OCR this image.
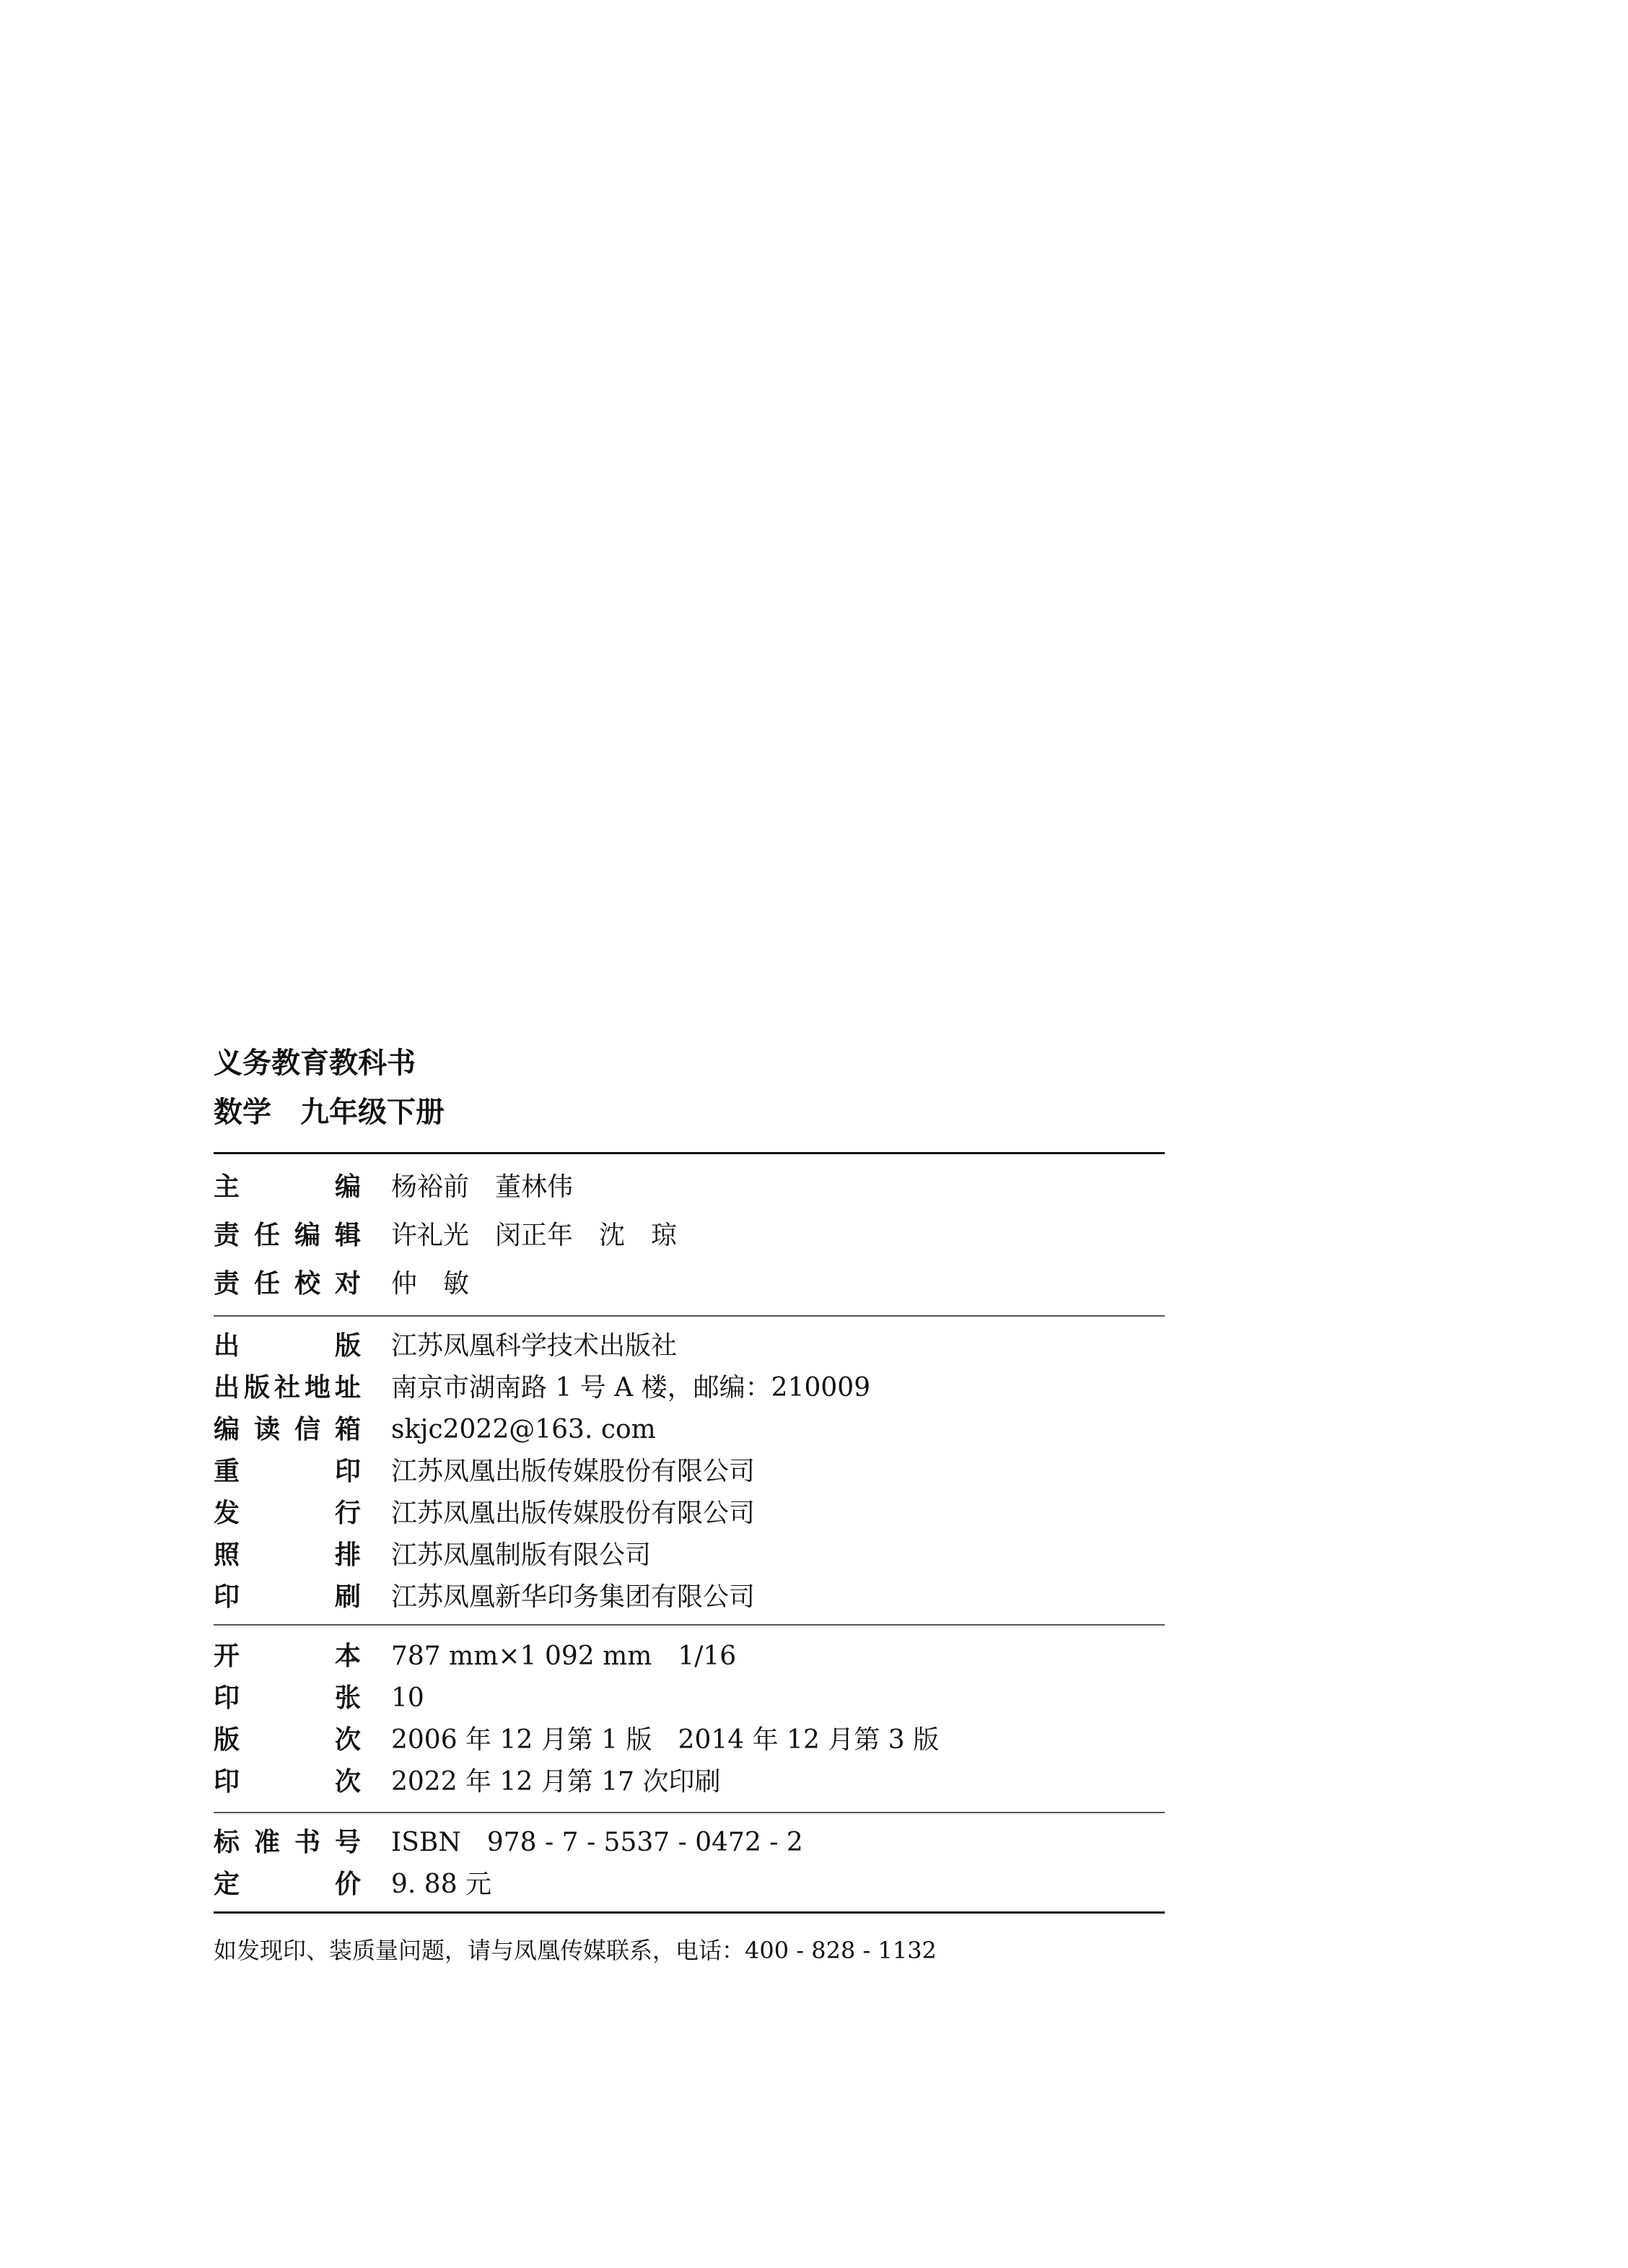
义务教育教科书
数学　九年级下册
主	编 杨裕前　董林伟
责 任 编 辑 许礼光　闵正年　沈　琼
责 任 校 对 仲　敏
出	版 江苏凤凰科学技术出版社
出 版 社 地 址 南京市湖南路 1 号 A 楼，邮编：210009
编 读 信 箱 skjc2022@163. com
重	印 江苏凤凰出版传媒股份有限公司
发	行 江苏凤凰出版传媒股份有限公司
照	排 江苏凤凰制版有限公司
印	刷 江苏凤凰新华印务集团有限公司
开	本 787 mm×1 092 mm　1/16
印	张 10
版	次 2006 年 12 月第 1 版　2014 年 12 月第 3 版
印	次 2022 年 12 月第 17 次印刷
标 准 书 号 ISBN　978 - 7 - 5537 - 0472 - 2
定	价 9. 88 元
如发现印、装质量问题，请与凤凰传媒联系，电话：400 - 828 - 1132
